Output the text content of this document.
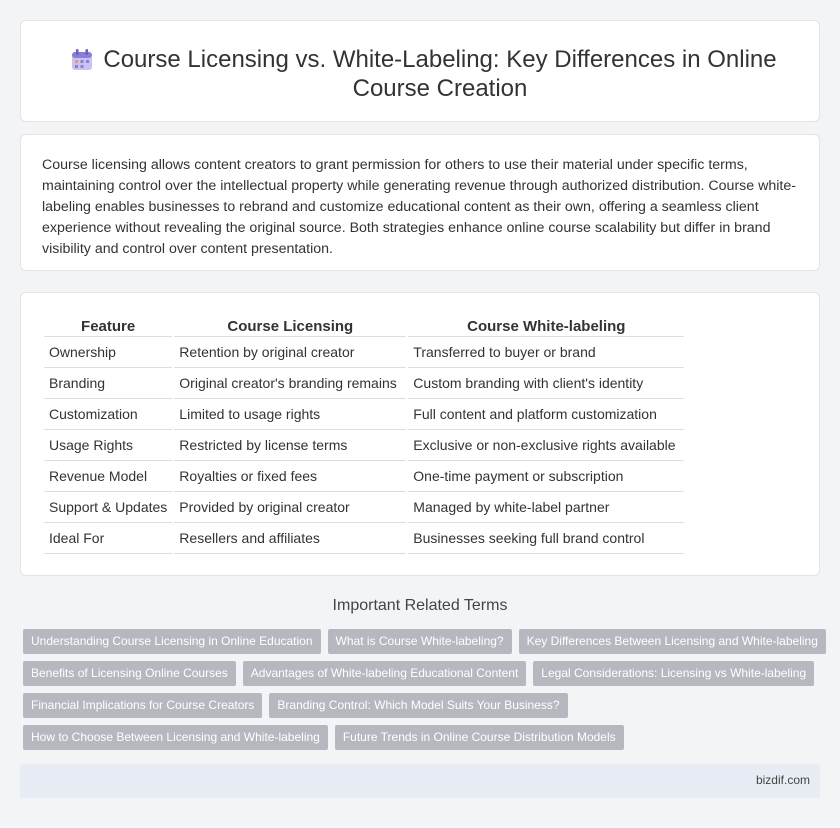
Course Licensing vs. White-Labeling: Key Differences in Online Course Creation

Course licensing allows content creators to grant permission for others to use their material under specific terms, maintaining control over the intellectual property while generating revenue through authorized distribution. Course white-labeling enables businesses to rebrand and customize educational content as their own, offering a seamless client experience without revealing the original source. Both strategies enhance online course scalability but differ in brand visibility and control over content presentation.

Feature	Course Licensing	Course White-labeling
Ownership	Retention by original creator	Transferred to buyer or brand
Branding	Original creator's branding remains	Custom branding with client's identity
Customization	Limited to usage rights	Full content and platform customization
Usage Rights	Restricted by license terms	Exclusive or non-exclusive rights available
Revenue Model	Royalties or fixed fees	One-time payment or subscription
Support & Updates	Provided by original creator	Managed by white-label partner
Ideal For	Resellers and affiliates	Businesses seeking full brand control
Important Related Terms
Understanding Course Licensing in Online Education	What is Course White-labeling?	Key Differences Between Licensing and White-labeling
Benefits of Licensing Online Courses	Advantages of White-labeling Educational Content	Legal Considerations: Licensing vs White-labeling
Financial Implications for Course Creators	Branding Control: Which Model Suits Your Business?
How to Choose Between Licensing and White-labeling	Future Trends in Online Course Distribution Models
bizdif.com
